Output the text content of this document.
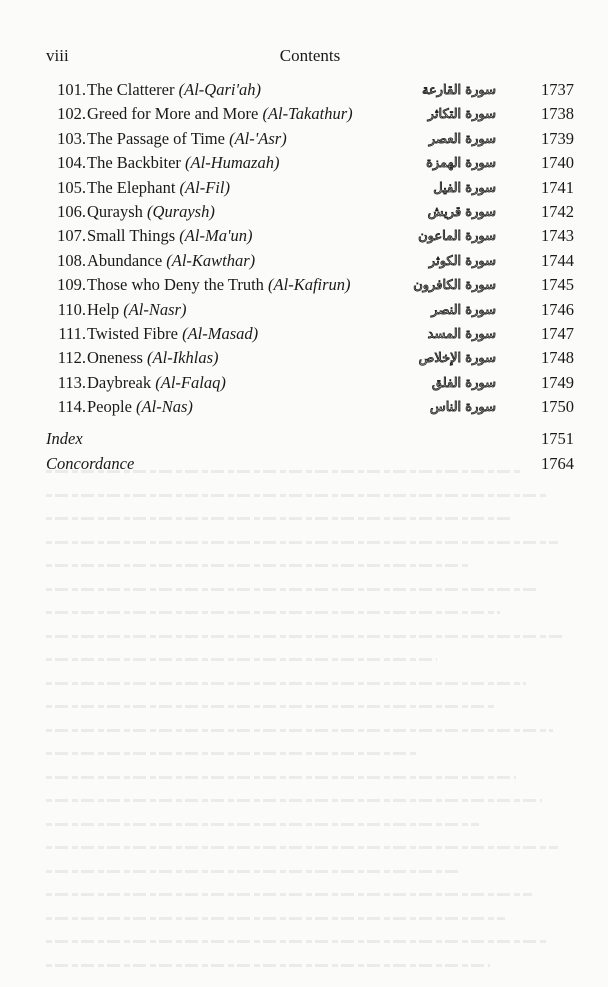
viii	Contents
101. The Clatterer (Al-Qari'ah)	سورة القارعة	1737
102. Greed for More and More (Al-Takathur)	سورة التكاثر	1738
103. The Passage of Time (Al-'Asr)	سورة العصر	1739
104. The Backbiter (Al-Humazah)	سورة الهمزة	1740
105. The Elephant (Al-Fil)	سورة الفيل	1741
106. Quraysh (Quraysh)	سورة قريش	1742
107. Small Things (Al-Ma'un)	سورة الماعون	1743
108. Abundance (Al-Kawthar)	سورة الكوثر	1744
109. Those who Deny the Truth (Al-Kafirun)	سورة الكافرون	1745
110. Help (Al-Nasr)	سورة النصر	1746
111. Twisted Fibre (Al-Masad)	سورة المسد	1747
112. Oneness (Al-Ikhlas)	سورة الإخلاص	1748
113. Daybreak (Al-Falaq)	سورة الفلق	1749
114. People (Al-Nas)	سورة الناس	1750
Index	1751
Concordance	1764
